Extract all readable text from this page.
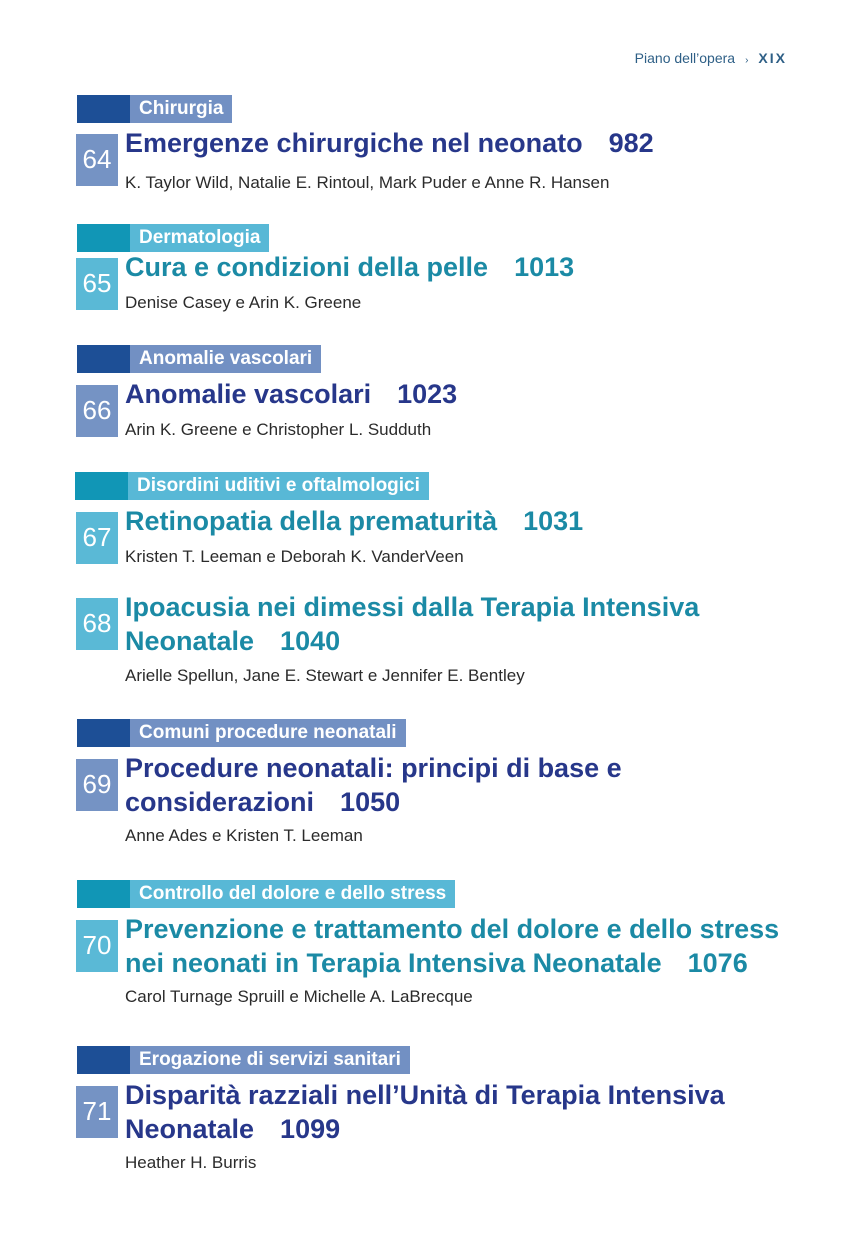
Piano dell’opera › XIX
Chirurgia
64
Emergenze chirurgiche nel neonato 982
K. Taylor Wild, Natalie E. Rintoul, Mark Puder e Anne R. Hansen
Dermatologia
65
Cura e condizioni della pelle 1013
Denise Casey e Arin K. Greene
Anomalie vascolari
66
Anomalie vascolari 1023
Arin K. Greene e Christopher L. Sudduth
Disordini uditivi e oftalmologici
67
Retinopatia della prematurità 1031
Kristen T. Leeman e Deborah K. VanderVeen
68
Ipoacusia nei dimessi dalla Terapia Intensiva
Neonatale 1040
Arielle Spellun, Jane E. Stewart e Jennifer E. Bentley
Comuni procedure neonatali
69
Procedure neonatali: principi di base e
considerazioni 1050
Anne Ades e Kristen T. Leeman
Controllo del dolore e dello stress
70
Prevenzione e trattamento del dolore e dello stress
nei neonati in Terapia Intensiva Neonatale 1076
Carol Turnage Spruill e Michelle A. LaBrecque
Erogazione di servizi sanitari
71
Disparità razziali nell’Unità di Terapia Intensiva
Neonatale 1099
Heather H. Burris
